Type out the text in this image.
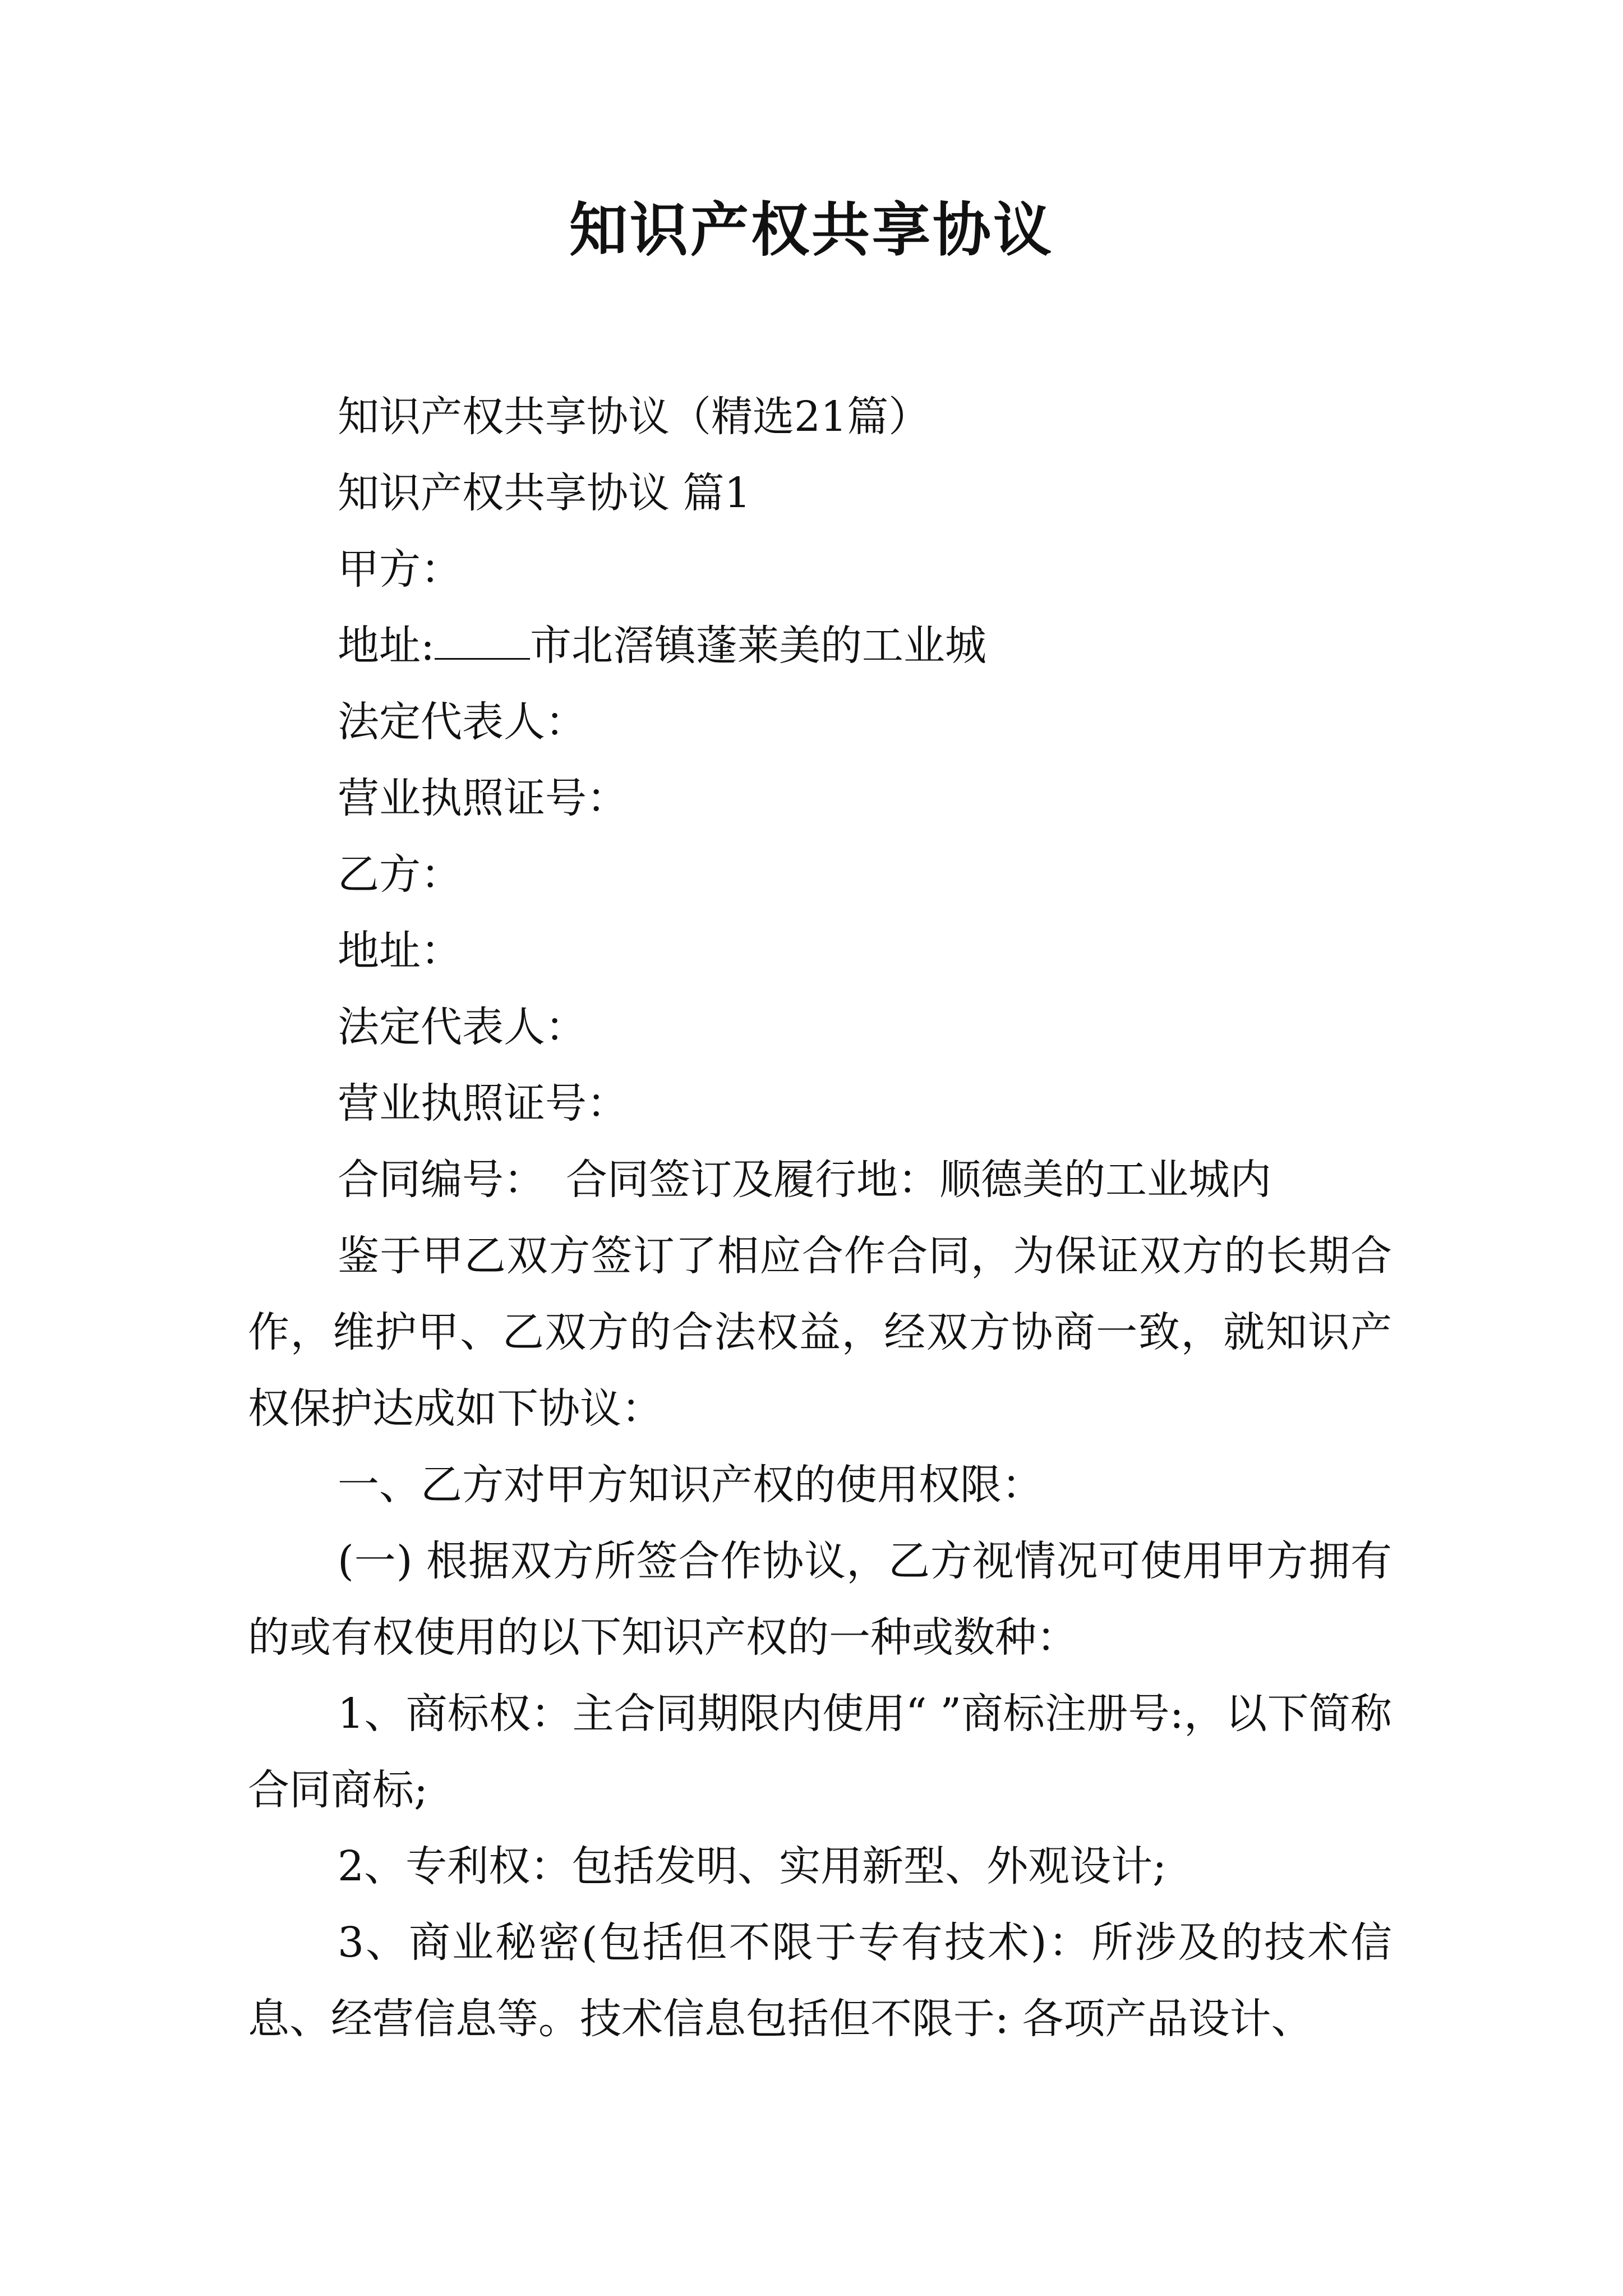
知识产权共享协议

知识产权共享协议（精选21篇）

知识产权共享协议 篇1

甲方：

地址: 市北滘镇蓬莱美的工业城

法定代表人：

营业执照证号：

乙方：

地址：

法定代表人：

营业执照证号：

合同编号：　合同签订及履行地：顺德美的工业城内

鉴于甲乙双方签订了相应合作合同，为保证双方的长期合作，维护甲、乙双方的合法权益，经双方协商一致，就知识产权保护达成如下协议：

一、乙方对甲方知识产权的使用权限：

(一) 根据双方所签合作协议，乙方视情况可使用甲方拥有的或有权使用的以下知识产权的一种或数种：

1、商标权：主合同期限内使用“ ”商标注册号:，以下简称合同商标;

2、专利权：包括发明、实用新型、外观设计;

3、商业秘密(包括但不限于专有技术)：所涉及的技术信息、经营信息等。技术信息包括但不限于: 各项产品设计、
